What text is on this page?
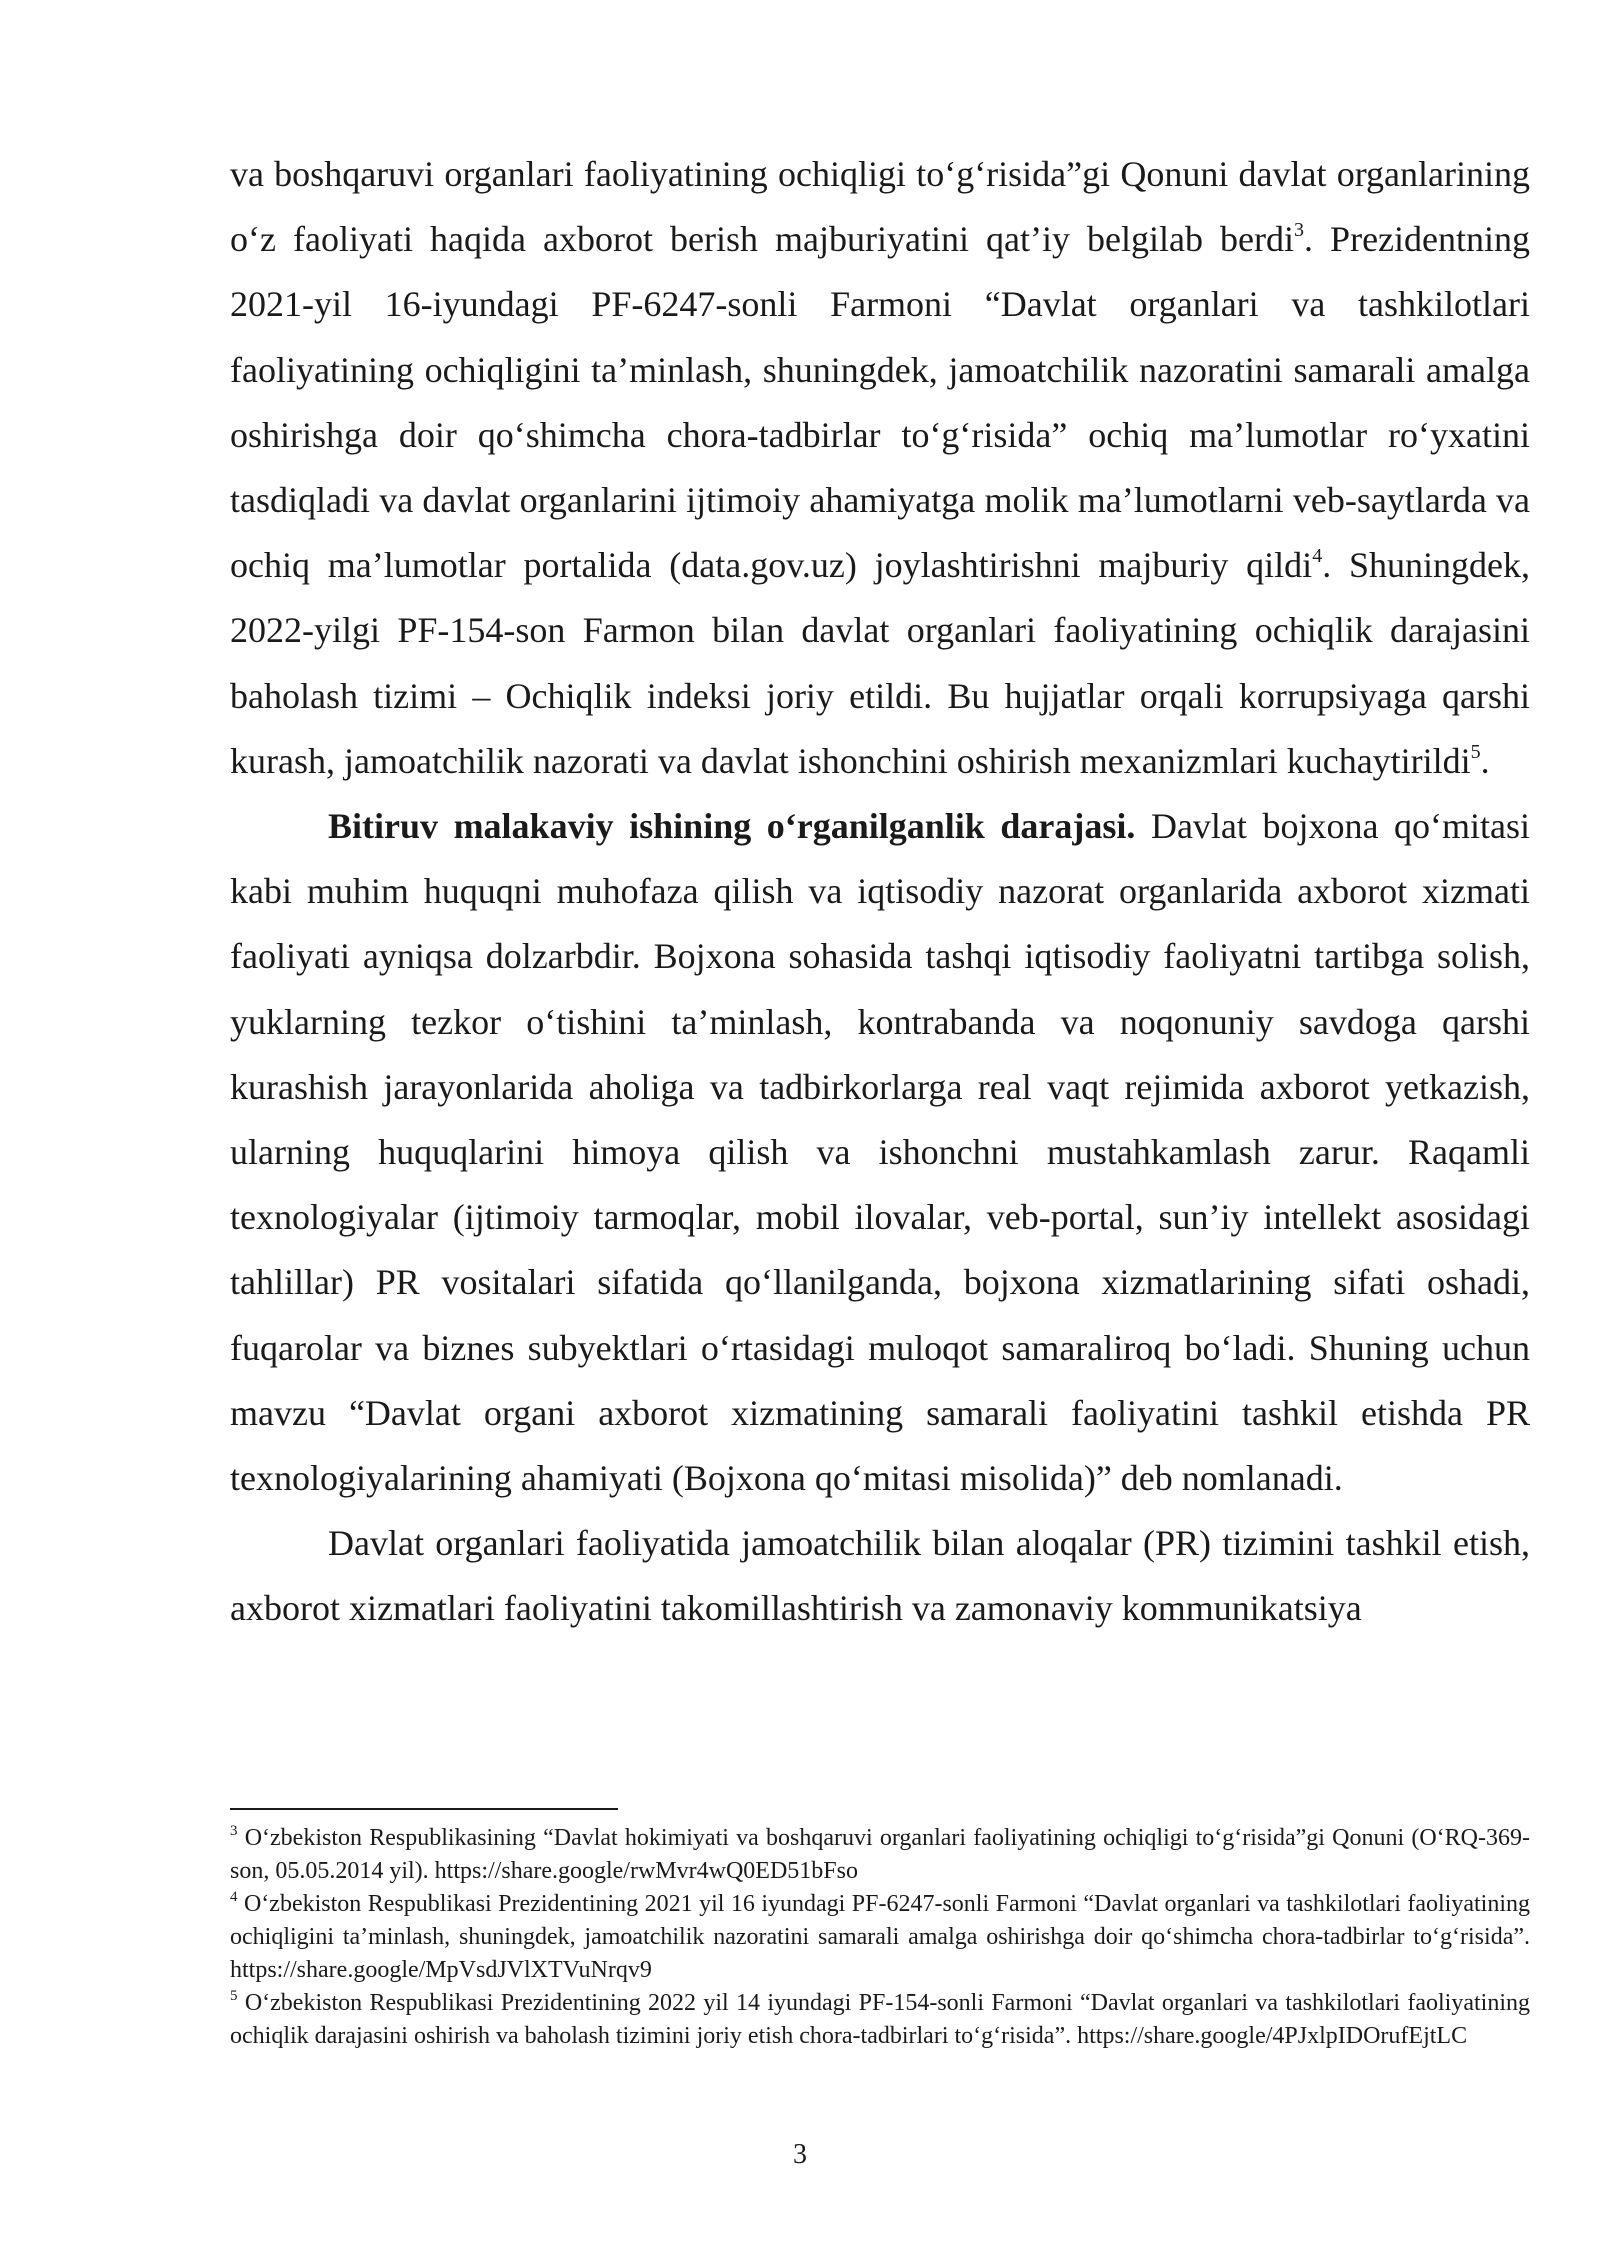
va boshqaruvi organlari faoliyatining ochiqligi to‘g‘risida”gi Qonuni davlat organlarining o‘z faoliyati haqida axborot berish majburiyatini qat’iy belgilab berdi$^3$. Prezidentning 2021-yil 16-iyundagi PF-6247-sonli Farmoni “Davlat organlari va tashkilotlari faoliyatining ochiqligini ta’minlash, shuningdek, jamoatchilik nazoratini samarali amalga oshirishga doir qo‘shimcha chora-tadbirlar to‘g‘risida” ochiq ma’lumotlar ro‘yxatini tasdiqladi va davlat organlarini ijtimoiy ahamiyatga molik ma’lumotlarni veb-saytlarda va ochiq ma’lumotlar portalida (data.gov.uz) joylashtirishni majburiy qildi$^4$. Shuningdek, 2022-yilgi PF-154-son Farmon bilan davlat organlari faoliyatining ochiqlik darajasini baholash tizimi – Ochiqlik indeksi joriy etildi. Bu hujjatlar orqali korrupsiyaga qarshi kurash, jamoatchilik nazorati va davlat ishonchini oshirish mexanizmlari kuchaytirildi$^5$.

Bitiruv malakaviy ishining o‘rganilganlik darajasi. Davlat bojxona qo‘mitasi kabi muhim huquqni muhofaza qilish va iqtisodiy nazorat organlarida axborot xizmati faoliyati ayniqsa dolzarbdir. Bojxona sohasida tashqi iqtisodiy faoliyatni tartibga solish, yuklarning tezkor o‘tishini ta’minlash, kontrabanda va noqonuniy savdoga qarshi kurashish jarayonlarida aholiga va tadbirkorlarga real vaqt rejimida axborot yetkazish, ularning huquqlarini himoya qilish va ishonchni mustahkamlash zarur. Raqamli texnologiyalar (ijtimoiy tarmoqlar, mobil ilovalar, veb-portal, sun’iy intellekt asosidagi tahlillar) PR vositalari sifatida qo‘llanilganda, bojxona xizmatlarining sifati oshadi, fuqarolar va biznes subyektlari o‘rtasidagi muloqot samaraliroq bo‘ladi. Shuning uchun mavzu “Davlat organi axborot xizmatining samarali faoliyatini tashkil etishda PR texnologiyalarining ahamiyati (Bojxona qo‘mitasi misolida)” deb nomlanadi.

Davlat organlari faoliyatida jamoatchilik bilan aloqalar (PR) tizimini tashkil etish, axborot xizmatlari faoliyatini takomillashtirish va zamonaviy kommunikatsiya

$^3$ O‘zbekiston Respublikasining “Davlat hokimiyati va boshqaruvi organlari faoliyatining ochiqligi to‘g‘risida”gi Qonuni (O‘RQ-369-son, 05.05.2014 yil). https://share.google/rwMvr4wQ0ED51bFso

$^4$ O‘zbekiston Respublikasi Prezidentining 2021 yil 16 iyundagi PF-6247-sonli Farmoni “Davlat organlari va tashkilotlari faoliyatining ochiqligini ta’minlash, shuningdek, jamoatchilik nazoratini samarali amalga oshirishga doir qo‘shimcha chora-tadbirlar to‘g‘risida”. https://share.google/MpVsdJVlXTVuNrqv9

$^5$ O‘zbekiston Respublikasi Prezidentining 2022 yil 14 iyundagi PF-154-sonli Farmoni “Davlat organlari va tashkilotlari faoliyatining ochiqlik darajasini oshirish va baholash tizimini joriy etish chora-tadbirlari to‘g‘risida”. https://share.google/4PJxlpIDOrufEjtLC

3
